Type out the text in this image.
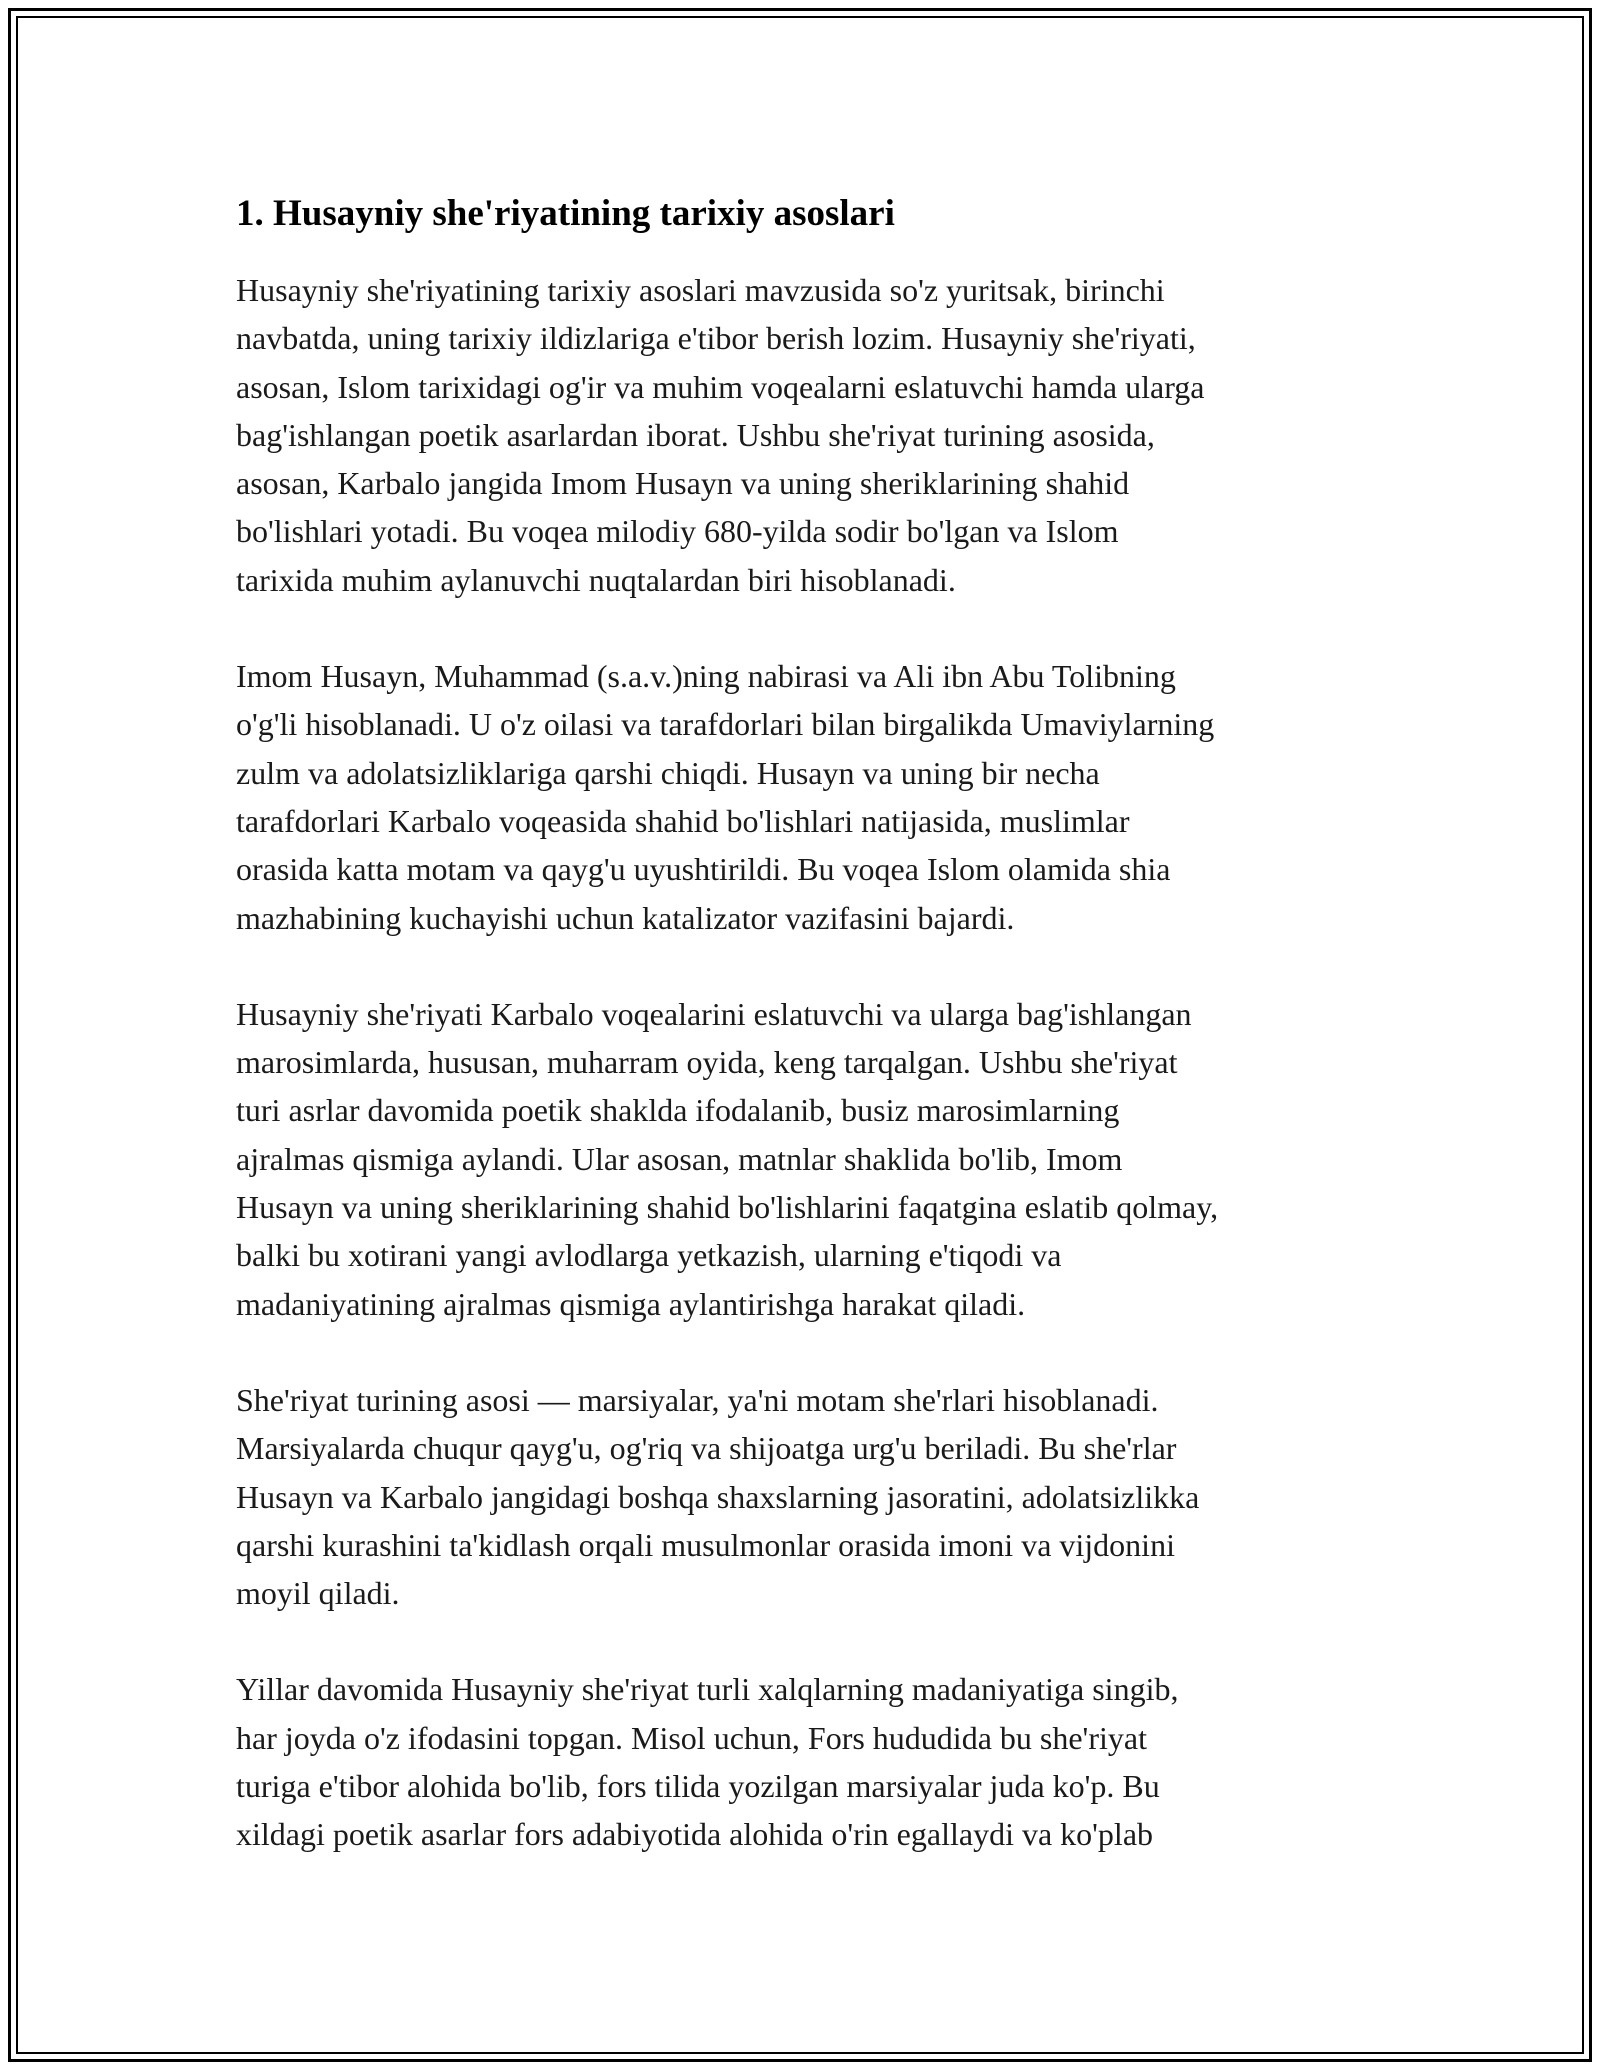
1. Husayniy she'riyatining tarixiy asoslari

Husayniy she'riyatining tarixiy asoslari mavzusida so'z yuritsak, birinchi
navbatda, uning tarixiy ildizlariga e'tibor berish lozim. Husayniy she'riyati,
asosan, Islom tarixidagi og'ir va muhim voqealarni eslatuvchi hamda ularga
bag'ishlangan poetik asarlardan iborat. Ushbu she'riyat turining asosida,
asosan, Karbalo jangida Imom Husayn va uning sheriklarining shahid
bo'lishlari yotadi. Bu voqea milodiy 680-yilda sodir bo'lgan va Islom
tarixida muhim aylanuvchi nuqtalardan biri hisoblanadi.

Imom Husayn, Muhammad (s.a.v.)ning nabirasi va Ali ibn Abu Tolibning
o'g'li hisoblanadi. U o'z oilasi va tarafdorlari bilan birgalikda Umaviylarning
zulm va adolatsizliklariga qarshi chiqdi. Husayn va uning bir necha
tarafdorlari Karbalo voqeasida shahid bo'lishlari natijasida, muslimlar
orasida katta motam va qayg'u uyushtirildi. Bu voqea Islom olamida shia
mazhabining kuchayishi uchun katalizator vazifasini bajardi.

Husayniy she'riyati Karbalo voqealarini eslatuvchi va ularga bag'ishlangan
marosimlarda, hususan, muharram oyida, keng tarqalgan. Ushbu she'riyat
turi asrlar davomida poetik shaklda ifodalanib, busiz marosimlarning
ajralmas qismiga aylandi. Ular asosan, matnlar shaklida bo'lib, Imom
Husayn va uning sheriklarining shahid bo'lishlarini faqatgina eslatib qolmay,
balki bu xotirani yangi avlodlarga yetkazish, ularning e'tiqodi va
madaniyatining ajralmas qismiga aylantirishga harakat qiladi.

She'riyat turining asosi — marsiyalar, ya'ni motam she'rlari hisoblanadi.
Marsiyalarda chuqur qayg'u, og'riq va shijoatga urg'u beriladi. Bu she'rlar
Husayn va Karbalo jangidagi boshqa shaxslarning jasoratini, adolatsizlikka
qarshi kurashini ta'kidlash orqali musulmonlar orasida imoni va vijdonini
moyil qiladi.

Yillar davomida Husayniy she'riyat turli xalqlarning madaniyatiga singib,
har joyda o'z ifodasini topgan. Misol uchun, Fors hududida bu she'riyat
turiga e'tibor alohida bo'lib, fors tilida yozilgan marsiyalar juda ko'p. Bu
xildagi poetik asarlar fors adabiyotida alohida o'rin egallaydi va ko'plab
